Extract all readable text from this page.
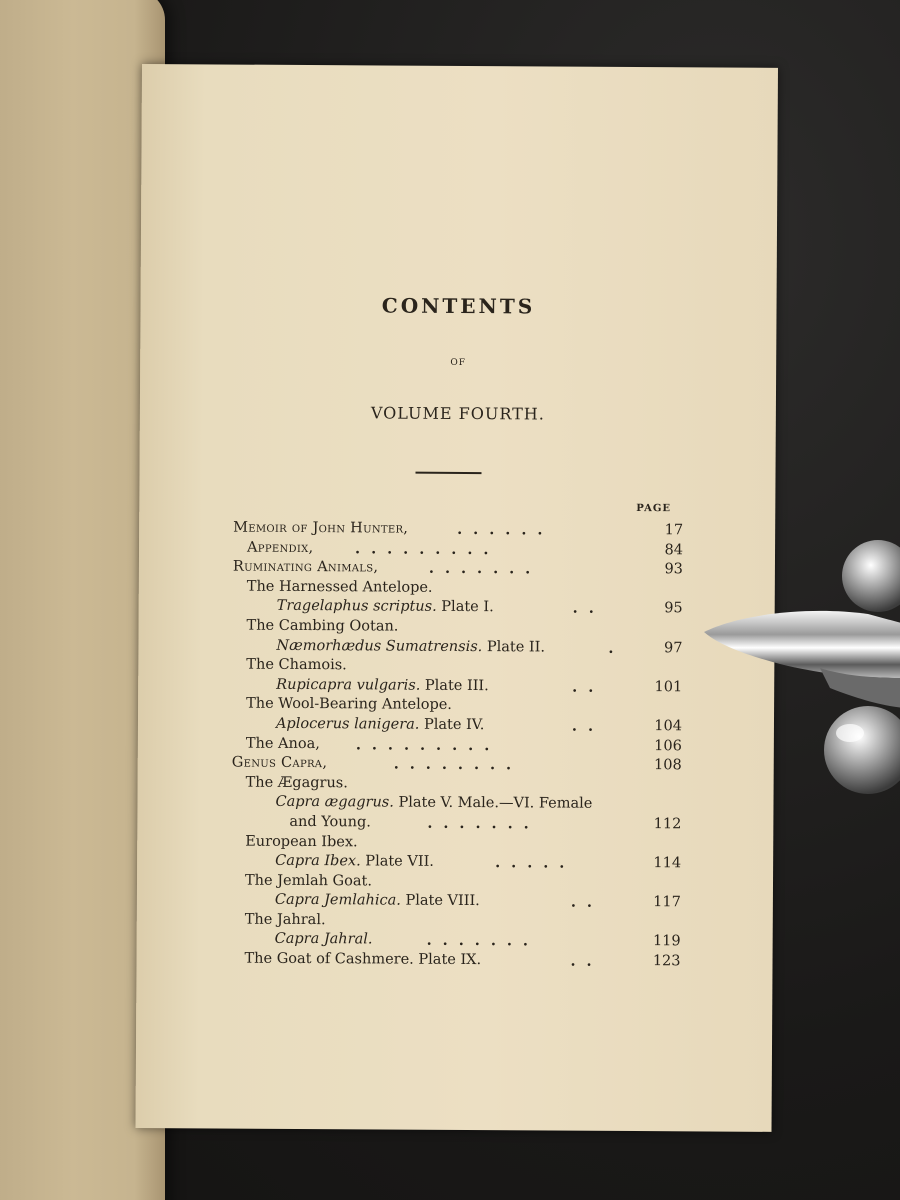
CONTENTS
OF
VOLUME FOURTH.
PAGE
Memoir of John Hunter,	......	17
Appendix,	.........	84
Ruminating Animals,	.......	93
The Harnessed Antelope.
Tragelaphus scriptus. Plate I.	..	95
The Cambing Ootan.
Næmorhædus Sumatrensis. Plate II.	.	97
The Chamois.
Rupicapra vulgaris. Plate III.	..	101
The Wool-Bearing Antelope.
Aplocerus lanigera. Plate IV.	..	104
The Anoa, .........	106
Genus Capra,	........	108
The Ægagrus.
Capra ægagrus. Plate V. Male.—VI. Female
and Young.	.......	112
European Ibex.
Capra Ibex. Plate VII.	.....	114
The Jemlah Goat.
Capra Jemlahica. Plate VIII.	..	117
The Jahral.
Capra Jahral.	.......	119
The Goat of Cashmere. Plate IX.	..	123
